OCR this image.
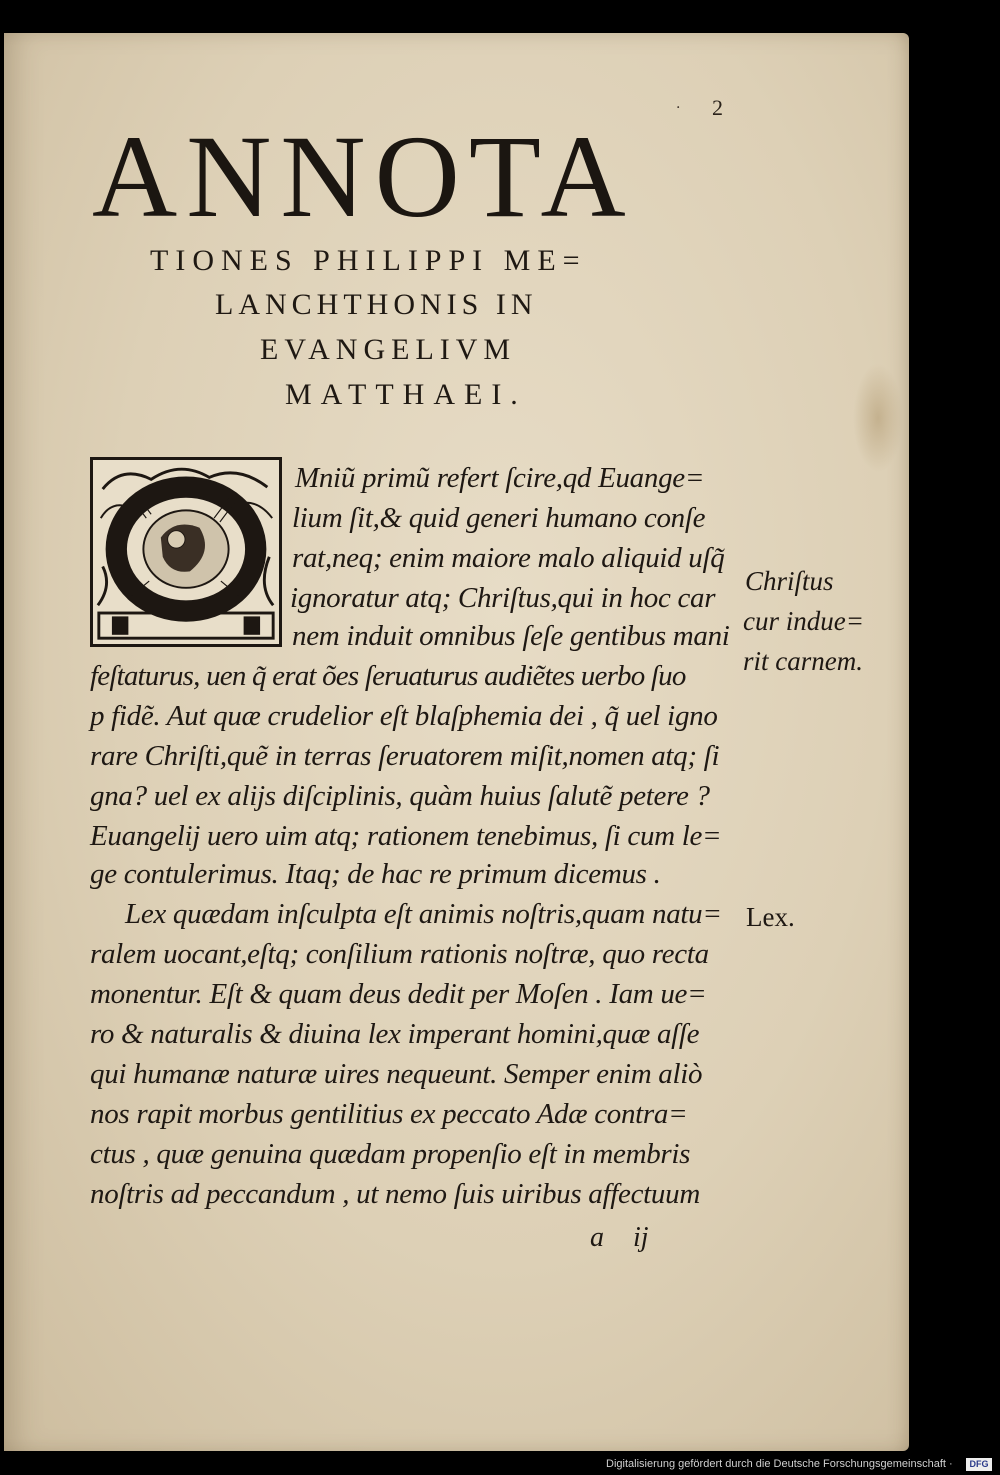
· 2
ANNOTA
TIONES PHILIPPI ME=
LANCHTHONIS IN
EVANGELIVM
MATTHAEI.
Mniũ primũ refert ſcire,qd Euange=
lium ſit,& quid generi humano conſe
rat,neq; enim maiore malo aliquid uſq̃
ignoratur atq; Chriſtus,qui in hoc car
nem induit omnibus ſeſe gentibus mani
feſtaturus, uen q̃ erat ões ſeruaturus audiẽtes uerbo ſuo
p fidẽ. Aut quæ crudelior eſt blaſphemia dei , q̃ uel igno
rare Chriſti,quẽ in terras ſeruatorem miſit,nomen atq; ſi
gna? uel ex alijs diſciplinis, quàm huius ſalutẽ petere ?
Euangelij uero uim atq; rationem tenebimus, ſi cum le=
ge contulerimus. Itaq; de hac re primum dicemus .
Lex quædam inſculpta eſt animis noſtris,quam natu=
ralem uocant,eſtq; conſilium rationis noſtræ, quo recta
monentur. Eſt & quam deus dedit per Moſen . Iam ue=
ro & naturalis & diuina lex imperant homini,quæ aſſe
qui humanæ naturæ uires nequeunt. Semper enim aliò
nos rapit morbus gentilitius ex peccato Adæ contra=
ctus , quæ genuina quædam propenſio eſt in membris
noſtris ad peccandum , ut nemo ſuis uiribus affectuum
Chriſtus
cur indue=
rit carnem.
Lex.
a ij
Digitalisierung gefördert durch die Deutsche Forschungsgemeinschaft ·	DFG
